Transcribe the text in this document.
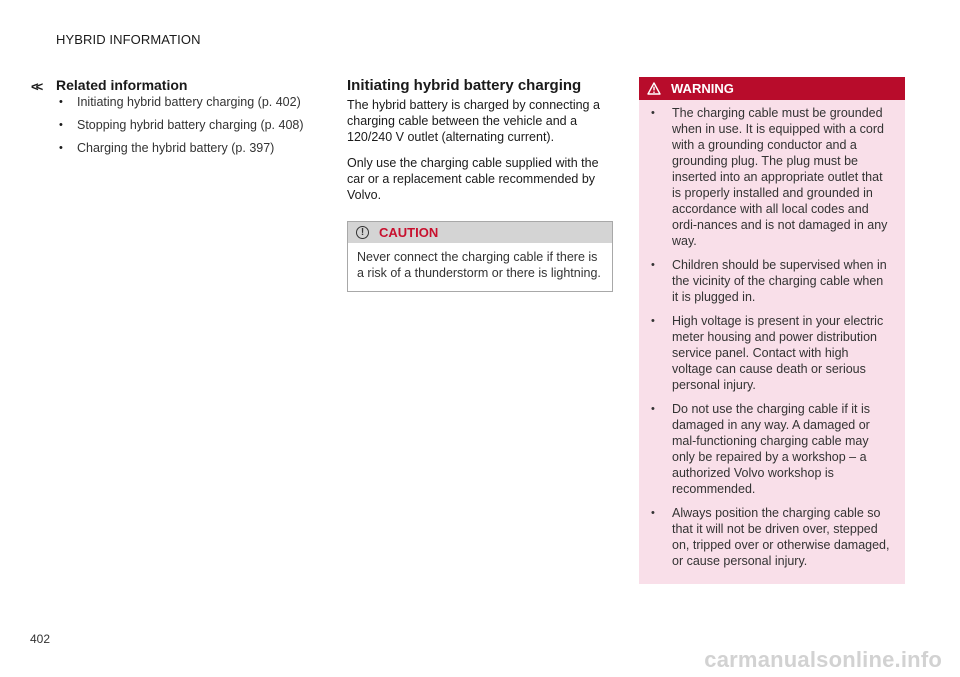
HYBRID INFORMATION
<< Related information
• Initiating hybrid battery charging (p. 402)
• Stopping hybrid battery charging (p. 408)
• Charging the hybrid battery (p. 397)
Initiating hybrid battery charging

The hybrid battery is charged by connecting a charging cable between the vehicle and a 120/240 V outlet (alternating current).

Only use the charging cable supplied with the car or a replacement cable recommended by Volvo.

!	CAUTION
Never connect the charging cable if there is a risk of a thunderstorm or there is lightning.
WARNING
• The charging cable must be grounded when in use. It is equipped with a cord with a grounding conductor and a grounding plug. The plug must be inserted into an appropriate outlet that is properly installed and grounded in accordance with all local codes and ordi-nances and is not damaged in any way.
• Children should be supervised when in the vicinity of the charging cable when it is plugged in.
• High voltage is present in your electric meter housing and power distribution service panel. Contact with high voltage can cause death or serious personal injury.
• Do not use the charging cable if it is damaged in any way. A damaged or mal-functioning charging cable may only be repaired by a workshop – a authorized Volvo workshop is recommended.
• Always position the charging cable so that it will not be driven over, stepped on, tripped over or otherwise damaged, or cause personal injury.
402
carmanualsonline.info
